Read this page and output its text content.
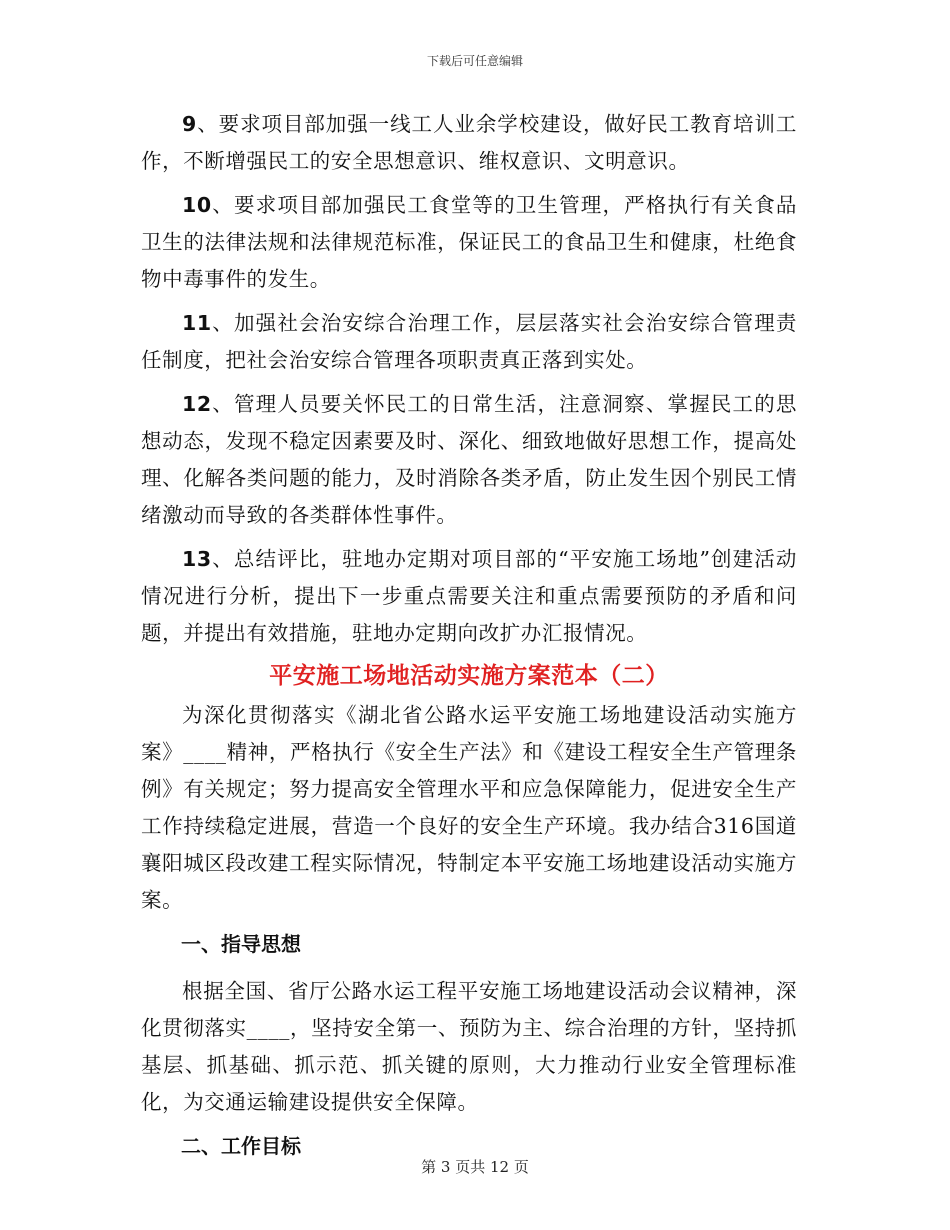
下载后可任意编辑

9、要求项目部加强一线工人业余学校建设，做好民工教育培训工作，不断增强民工的安全思想意识、维权意识、文明意识。

10、要求项目部加强民工食堂等的卫生管理，严格执行有关食品卫生的法律法规和法律规范标准，保证民工的食品卫生和健康，杜绝食物中毒事件的发生。

11、加强社会治安综合治理工作，层层落实社会治安综合管理责任制度，把社会治安综合管理各项职责真正落到实处。

12、管理人员要关怀民工的日常生活，注意洞察、掌握民工的思想动态，发现不稳定因素要及时、深化、细致地做好思想工作，提高处理、化解各类问题的能力，及时消除各类矛盾，防止发生因个别民工情绪激动而导致的各类群体性事件。

13、总结评比，驻地办定期对项目部的“平安施工场地”创建活动情况进行分析，提出下一步重点需要关注和重点需要预防的矛盾和问题，并提出有效措施，驻地办定期向改扩办汇报情况。

平安施工场地活动实施方案范本（二）

为深化贯彻落实《湖北省公路水运平安施工场地建设活动实施方案》____精神，严格执行《安全生产法》和《建设工程安全生产管理条例》有关规定；努力提高安全管理水平和应急保障能力，促进安全生产工作持续稳定进展，营造一个良好的安全生产环境。我办结合316国道襄阳城区段改建工程实际情况，特制定本平安施工场地建设活动实施方案。

一、指导思想

根据全国、省厅公路水运工程平安施工场地建设活动会议精神，深化贯彻落实____，坚持安全第一、预防为主、综合治理的方针，坚持抓基层、抓基础、抓示范、抓关键的原则，大力推动行业安全管理标准化，为交通运输建设提供安全保障。

二、工作目标
第 3 页共 12 页
